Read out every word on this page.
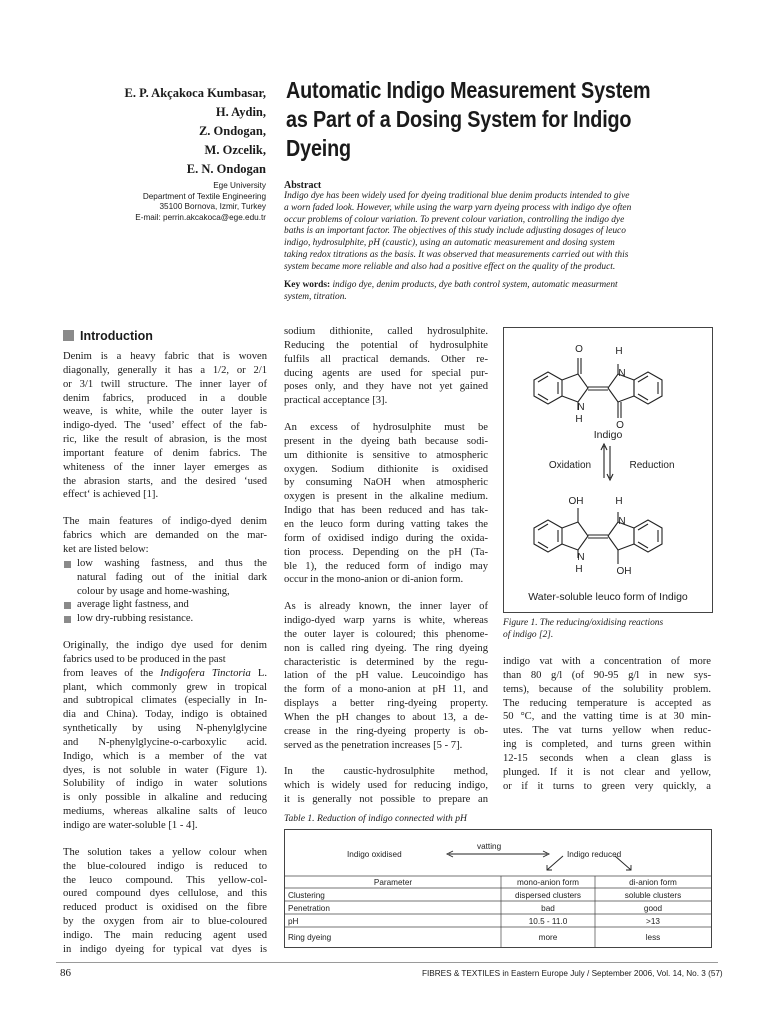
E. P. Akçakoca Kumbasar,
H. Aydin,
Z. Ondogan,
M. Ozcelik,
E. N. Ondogan
Ege University
Department of Textile Engineering
35100 Bornova, Izmir, Turkey
E-mail: perrin.akcakoca@ege.edu.tr
Automatic Indigo Measurement System
as Part of a Dosing System for Indigo
Dyeing
Abstract
Indigo dye has been widely used for dyeing traditional blue denim products intended to give
a worn faded look. However, while using the warp yarn dyeing process with indigo dye often
occur problems of colour variation. To prevent colour variation, controlling the indigo dye
baths is an important factor. The objectives of this study include adjusting dosages of leuco
indigo, hydrosulphite, pH (caustic), using an automatic measurement and dosing system
taking redox titrations as the basis. It was observed that measurements carried out with this
system became more reliable and also had a positive effect on the quality of the product.
Key words: indigo dye, denim products, dye bath control system, automatic measurment
system, titration.
Introduction

Denim is a heavy fabric that is woven
diagonally, generally it has a 1/2, or 2/1
or 3/1 twill structure. The inner layer of
denim fabrics, produced in a double
weave, is white, while the outer layer is
indigo-dyed. The ‘used’ effect of the fab-
ric, like the result of abrasion, is the most
important feature of denim fabrics. The
whiteness of the inner layer emerges as
the abrasion starts, and the desired ‘used
effect‘ is achieved [1].

The main features of indigo-dyed denim
fabrics which are demanded on the mar-
ket are listed below:

low washing fastness, and thus the
natural fading out of the initial dark
colour by usage and home-washing,
average light fastness, and
low dry-rubbing resistance.

Originally, the indigo dye used for denim
fabrics used to be produced in the past
from leaves of the Indigofera Tinctoria L.
plant, which commonly grew in tropical
and subtropical climates (especially in In-
dia and China). Today, indigo is obtained
synthetically by using N-phenylglycine
and N-phenylglycine-o-carboxylic acid.
Indigo, which is a member of the vat
dyes, is not soluble in water (Figure 1).
Solubility of indigo in water solutions
is only possible in alkaline and reducing
mediums, whereas alkaline salts of leuco
indigo are water-soluble [1 - 4].

The solution takes a yellow colour when
the blue-coloured indigo is reduced to
the leuco compound. This yellow-col-
oured compound dyes cellulose, and this
reduced product is oxidised on the fibre
by the oxygen from air to blue-coloured
indigo. The main reducing agent used
in indigo dyeing for typical vat dyes is

sodium dithionite, called hydrosulphite.
Reducing the potential of hydrosulphite
fulfils all practical demands. Other re-
ducing agents are used for special pur-
poses only, and they have not yet gained
practical acceptance [3].

An excess of hydrosulphite must be
present in the dyeing bath because sodi-
um dithionite is sensitive to atmospheric
oxygen. Sodium dithionite is oxidised
by consuming NaOH when atmospheric
oxygen is present in the alkaline medium.
Indigo that has been reduced and has tak-
en the leuco form during vatting takes the
form of oxidised indigo during the oxida-
tion process. Depending on the pH (Ta-
ble 1), the reduced form of indigo may
occur in the mono-anion or di-anion form.

As is already known, the inner layer of
indigo-dyed warp yarns is white, whereas
the outer layer is coloured; this phenome-
non is called ring dyeing. The ring dyeing
characteristic is determined by the regu-
lation of the pH value. Leucoindigo has
the form of a mono-anion at pH 11, and
displays a better ring-dyeing property.
When the pH changes to about 13, a de-
crease in the ring-dyeing property is ob-
served as the penetration increases [5 - 7].

In the caustic-hydrosulphite method,
which is widely used for reducing indigo,
it is generally not possible to prepare an

O	H
N
N
H
O
Indigo
Oxidation	Reduction
OH	H
N
N
H	OH
Water-soluble leuco form of Indigo
Figure 1. The reducing/oxidising reactions
of indigo [2].

indigo vat with a concentration of more
than 80 g/l (of 90-95 g/l in new sys-
tems), because of the solubility problem.
The reducing temperature is accepted as
50 °C, and the vatting time is at 30 min-
utes. The vat turns yellow when reduc-
ing is completed, and turns green within
12-15 seconds when a clean glass is
plunged. If it is not clear and yellow,
or if it turns to green very quickly, a

Table 1. Reduction of indigo connected with pH
Indigo oxidised
vatting
Indigo reduced
Parameter	mono-anion form	di-anion form
Clustering	dispersed clusters	soluble clusters
Penetration	bad	good
pH	10.5 - 11.0	>13
Ring dyeing	more	less
86	FIBRES & TEXTILES in Eastern Europe July / September 2006, Vol. 14, No. 3 (57)
